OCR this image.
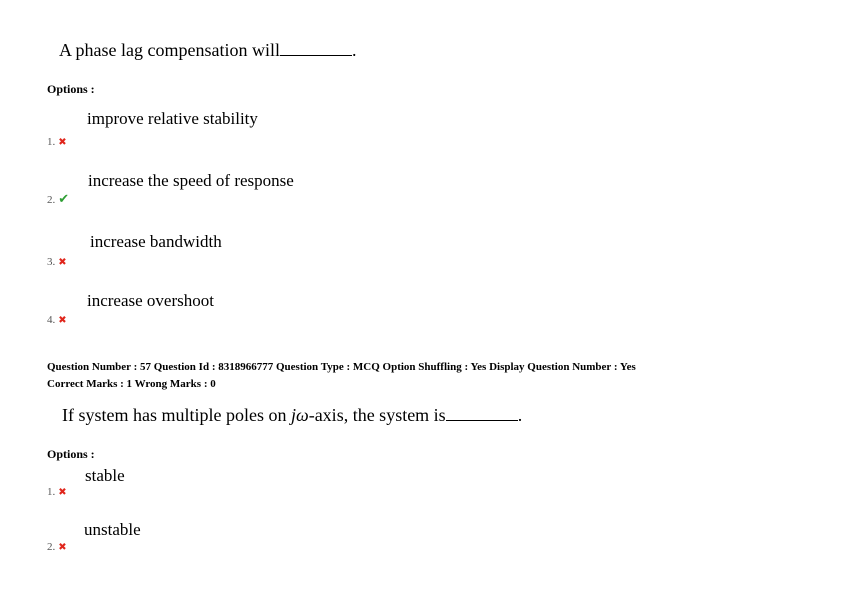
A phase lag compensation will	.
Options :
improve relative stability
1. ✖
increase the speed of response
2. ✔
increase bandwidth
3. ✖
increase overshoot
4. ✖
Question Number : 57 Question Id : 8318966777 Question Type : MCQ Option Shuffling : Yes Display Question Number : Yes
Correct Marks : 1 Wrong Marks : 0
If system has multiple poles on jω-axis, the system is	.
Options :
stable
1. ✖
unstable
2. ✖
